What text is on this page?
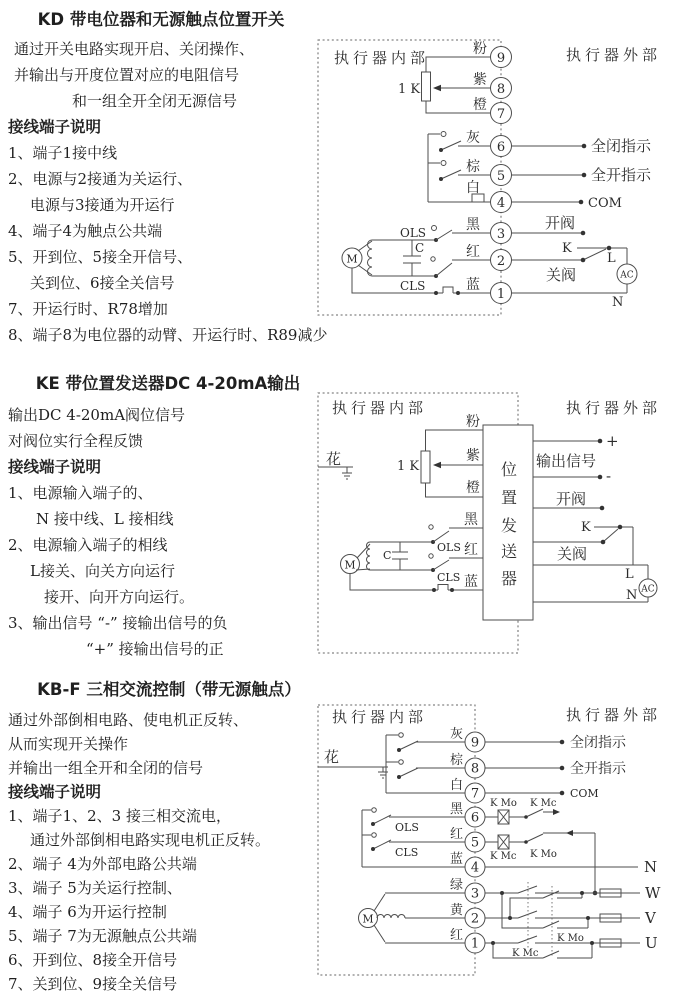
KD 带电位器和无源触点位置开关
通过开关电路实现开启、关闭操作、
并输出与开度位置对应的电阻信号
和一组全开全闭无源信号
接线端子说明
1、端子1接中线
2、电源与2接通为关运行、
电源与3接通为开运行
4、端子4为触点公共端
5、开到位、5接全开信号、
关到位、6接全关信号
7、开运行时、R78增加
8、端子8为电位器的动臂、开运行时、R89减少
执行器内部	执行器外部
1 K
M
C
OLS
CLS
全闭指示
全开指示
COM
开阀
关阀
K
AC
L
N
粉
紫
橙
灰
棕
白
黑
红
蓝
9
8
7
6
5
4
3
2
1
KE 带位置发送器DC 4-20mA输出
输出DC 4-20mA阀位信号
对阀位实行全程反馈
接线端子说明
1、电源输入端子的、
N 接中线、L 接相线
2、电源输入端子的相线
L接关、向关方向运行
接开、向开方向运行。
3、输出信号 “-” 接输出信号的负
“+” 接输出信号的正
执行器内部	执行器外部
花	1 K
M
C
OLS
CLS
粉
紫
橙
黑
红
蓝
位
置
发
送
器
+
输出信号
-
开阀
K
关阀
AC
L
N
KB-F 三相交流控制（带无源触点）
通过外部倒相电路、使电机正反转、
从而实现开关操作
并输出一组全开和全闭的信号
接线端子说明
1、端子1、2、3 接三相交流电，
通过外部倒相电路实现电机正反转。
2、端子 4为外部电路公共端
3、端子 5为关运行控制、
4、端子 6为开运行控制
5、端子 7为无源触点公共端
6、开到位、8接全开信号
7、关到位、9接全关信号
执行器内部	执行器外部
花
OLS
CLS
M
灰
棕
白
黑
红
蓝
绿
黄
红
全闭指示
全开指示
COM
K Mo K Mc
K Mc K Mo
N
K Mc
K Mo
W
V
U
9
8
7
6
5
4
3
2
1
